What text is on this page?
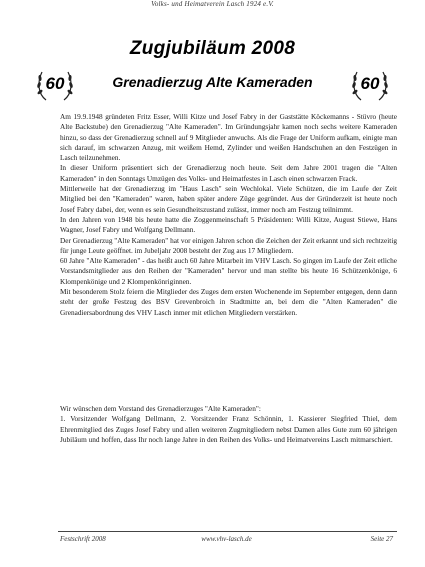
Volks- und Heimatverein Lasch 1924 e.V.
Zugjubiläum 2008
60	60
Grenadierzug Alte Kameraden

Am 19.9.1948 gründeten Fritz Esser, Willi Kitze und Josef Fabry in der Gaststätte Köckemanns - Stüvro (heute Alte Backstube) den Grenadierzug "Alte Kameraden". Im Gründungsjahr kamen noch sechs weitere Kameraden hinzu, so dass der Grenadierzug schnell auf 9 Mitglieder anwuchs. Als die Frage der Uniform aufkam, einigte man sich darauf, im schwarzen Anzug, mit weißem Hemd, Zylinder und weißen Handschuhen an den Festzügen in Lasch teilzunehmen.

In dieser Uniform präsentiert sich der Grenadierzug noch heute. Seit dem Jahre 2001 tragen die "Alten Kameraden" in den Sonntags Umzügen des Volks- und Heimatfestes in Lasch einen schwarzen Frack.

Mittlerweile hat der Grenadierzug im "Haus Lasch" sein Wechlokal. Viele Schützen, die im Laufe der Zeit Mitglied bei den "Kameraden" waren, haben später andere Züge gegründet. Aus der Gründerzeit ist heute noch Josef Fabry dabei, der, wenn es sein Gesundheitszustand zulässt, immer noch am Festzug teilnimmt.

In den Jahren von 1948 bis heute hatte die Zoggenmeinschaft 5 Präsidenten: Willi Kitze, August Stiewe, Hans Wagner, Josef Fabry und Wolfgang Dellmann.

Der Grenadierzug "Alte Kameraden" hat vor einigen Jahren schon die Zeichen der Zeit erkannt und sich rechtzeitig für junge Leute geöffnet. im Jubeljahr 2008 besteht der Zug aus 17 Mitgliedern.

60 Jahre "Alte Kameraden" - das heißt auch 60 Jahre Mitarbeit im VHV Lasch. So gingen im Laufe der Zeit etliche Vorstandsmitglieder aus den Reihen der "Kameraden" hervor und man stellte bis heute 16 Schützenkönige, 6 Klompenkönige und 2 Klompenkönriginnen.

Mit besonderem Stolz feiern die Mitglieder des Zuges dem ersten Wochenende im September entgegen, denn dann steht der große Festzug des BSV Grevenbroich in Stadtmitte an, bei dem die "Alten Kameraden" die Grenadiersabordnung des VHV Lasch inmer mit etlichen Mitgliedern verstärken.

Wir wünschen dem Vorstand des Grenadierzuges "Alte Kameraden":

1. Vorsitzender Wolfgang Dellmann, 2. Vorsitzender Franz Schönnin, 1. Kassierer Siegfried Thiel, dem Ehrenmitglied des Zuges Josef Fabry und allen weiteren Zugmitgliedern nebst Damen alles Gute zum 60 jährigen Jubiläum und hoffen, dass Ihr noch lange Jahre in den Reihen des Volks- und Heimatvereins Lasch mitmarschiert.

Festschrift 2008	www.vhv-lasch.de	Seite 27
